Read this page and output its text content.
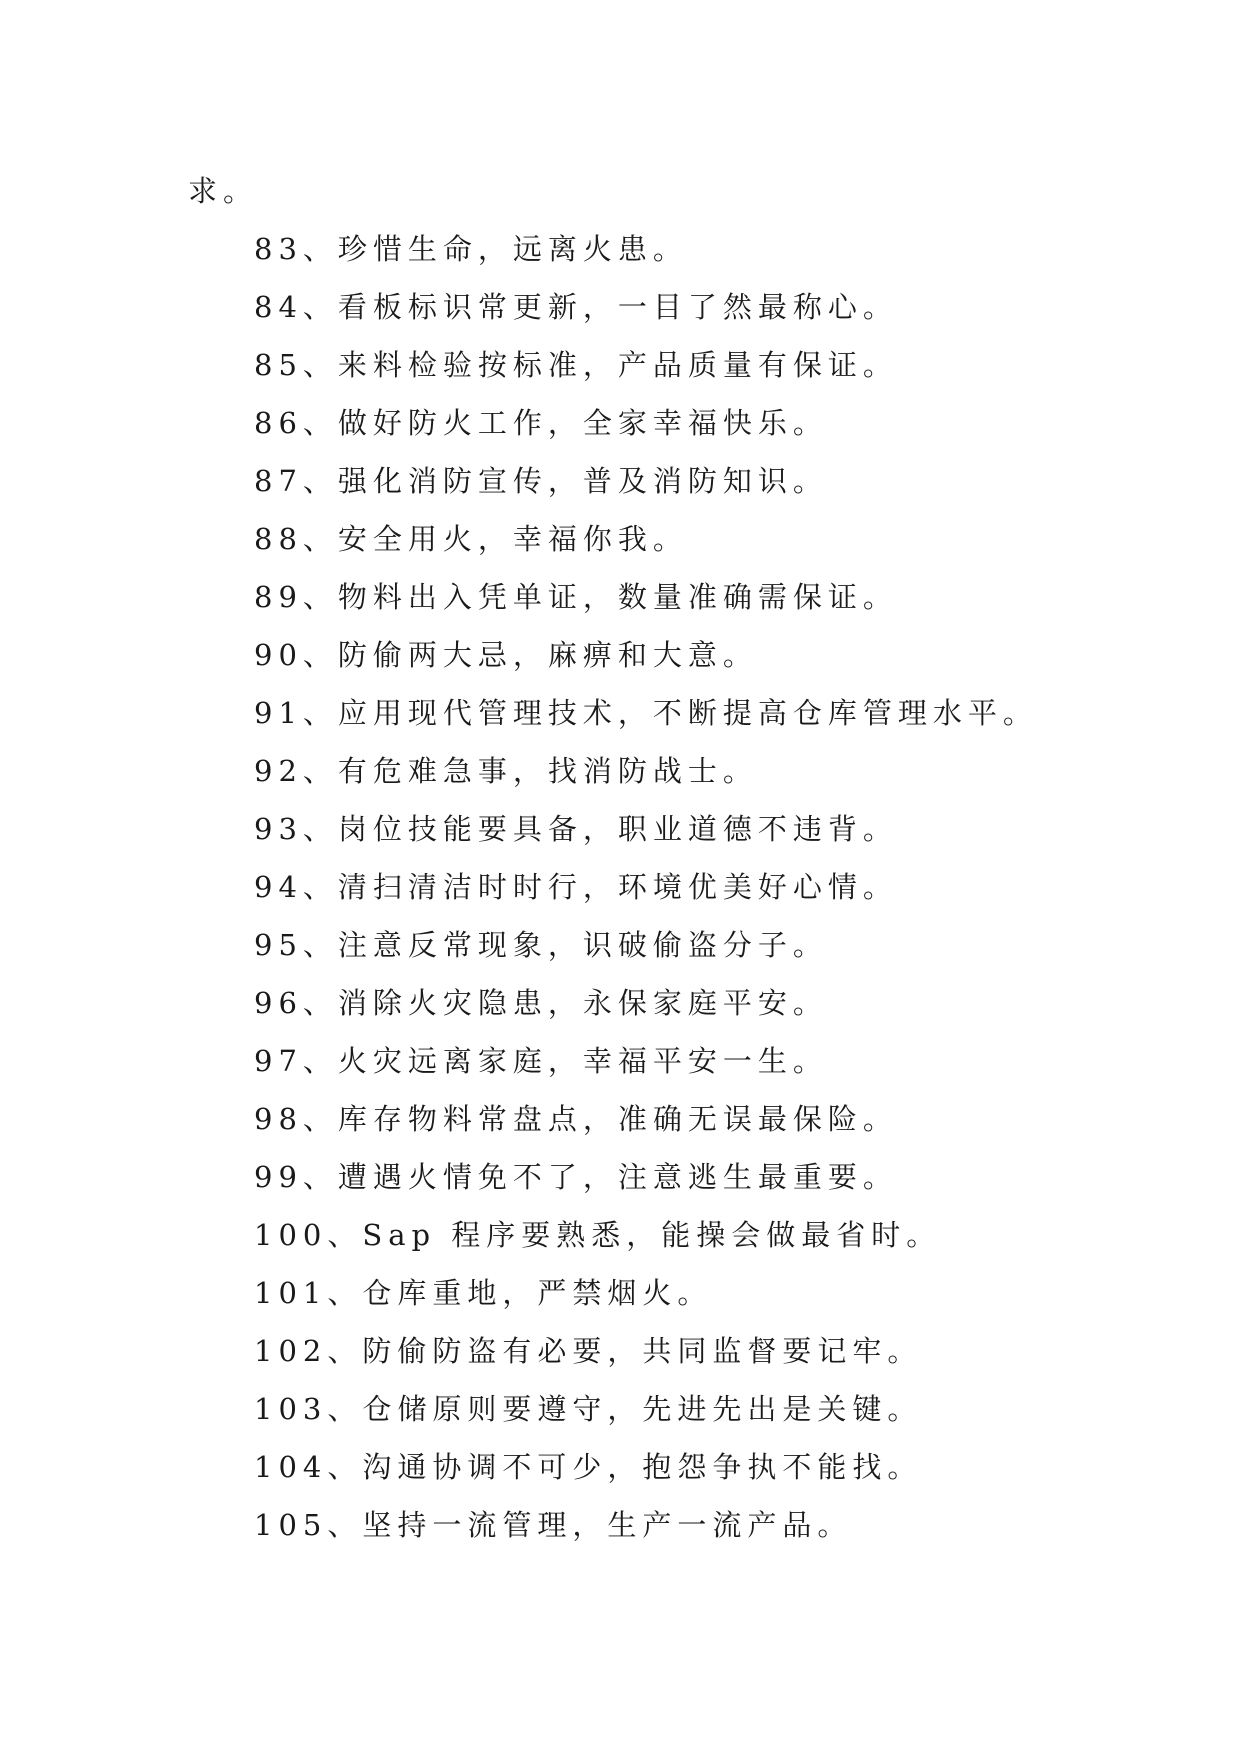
求。
83、珍惜生命，远离火患。
84、看板标识常更新，一目了然最称心。
85、来料检验按标准，产品质量有保证。
86、做好防火工作，全家幸福快乐。
87、强化消防宣传，普及消防知识。
88、安全用火，幸福你我。
89、物料出入凭单证，数量准确需保证。
90、防偷两大忌，麻痹和大意。
91、应用现代管理技术，不断提高仓库管理水平。
92、有危难急事，找消防战士。
93、岗位技能要具备，职业道德不违背。
94、清扫清洁时时行，环境优美好心情。
95、注意反常现象，识破偷盗分子。
96、消除火灾隐患，永保家庭平安。
97、火灾远离家庭，幸福平安一生。
98、库存物料常盘点，准确无误最保险。
99、遭遇火情免不了，注意逃生最重要。
100、Sap 程序要熟悉，能操会做最省时。
101、仓库重地，严禁烟火。
102、防偷防盗有必要，共同监督要记牢。
103、仓储原则要遵守，先进先出是关键。
104、沟通协调不可少，抱怨争执不能找。
105、坚持一流管理，生产一流产品。
